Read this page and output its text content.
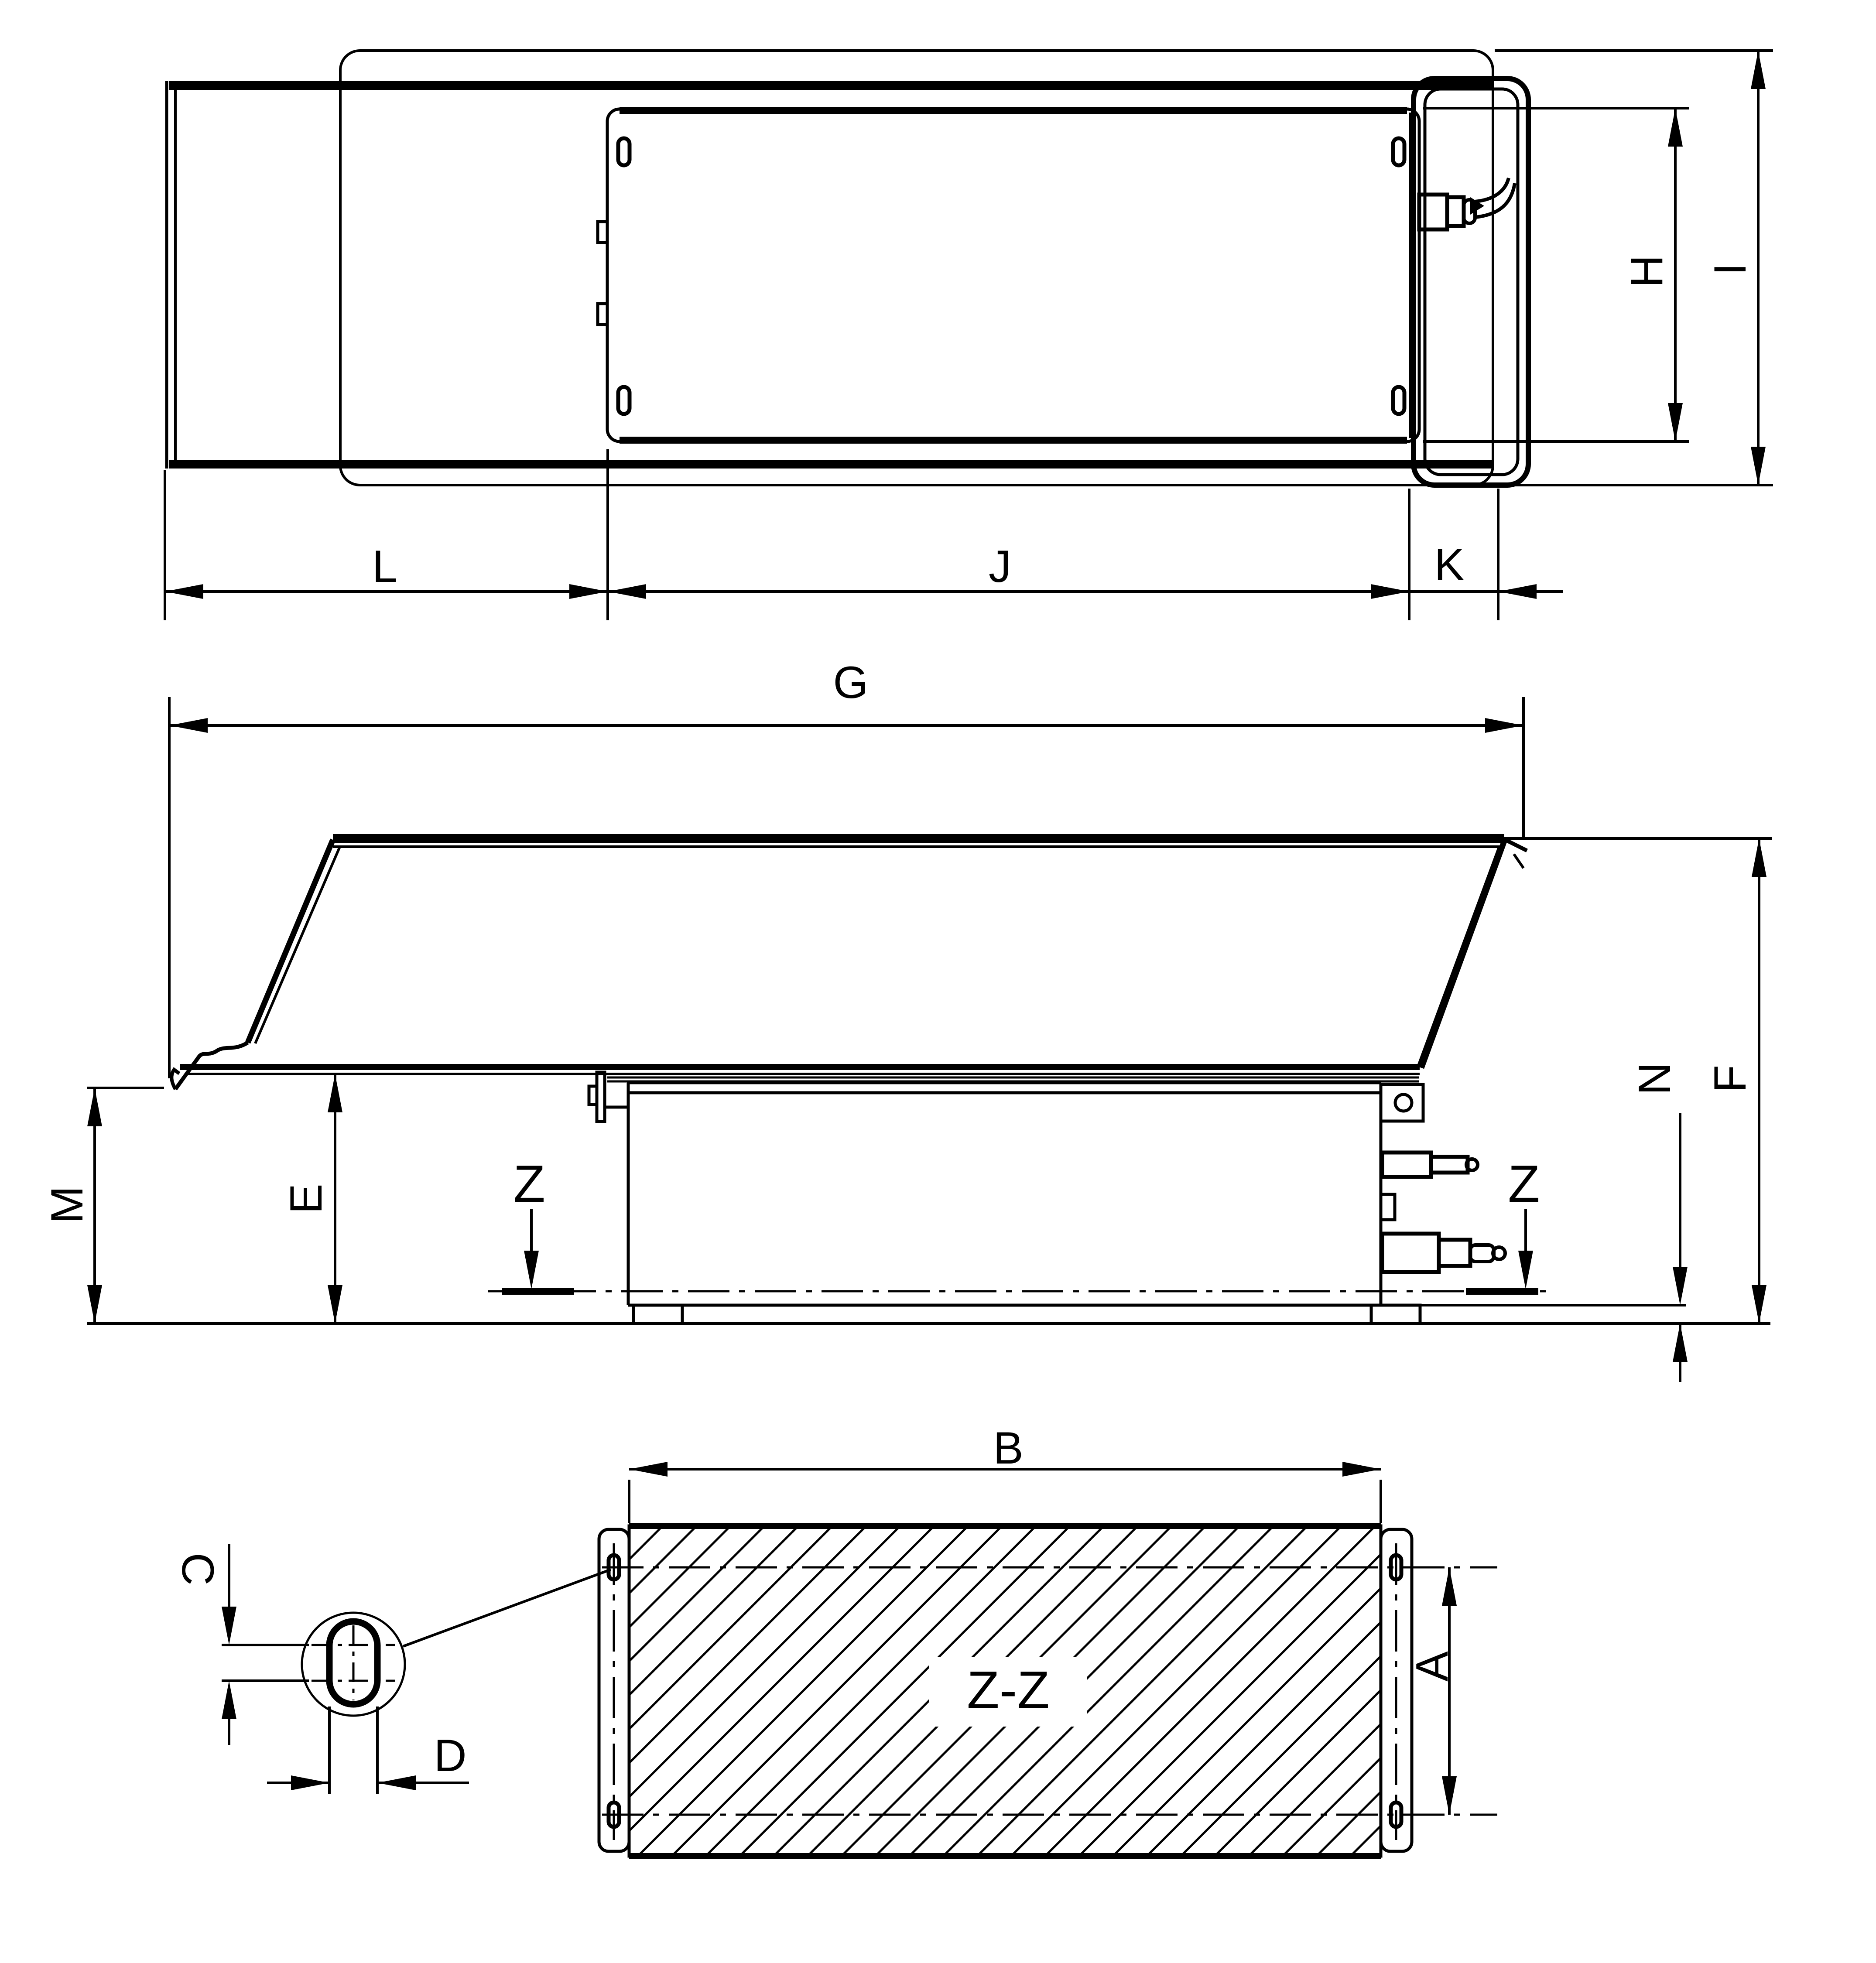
H I
L	J	K
G
Z	Z
M	E
N F
B
Z-Z	A
C
D
